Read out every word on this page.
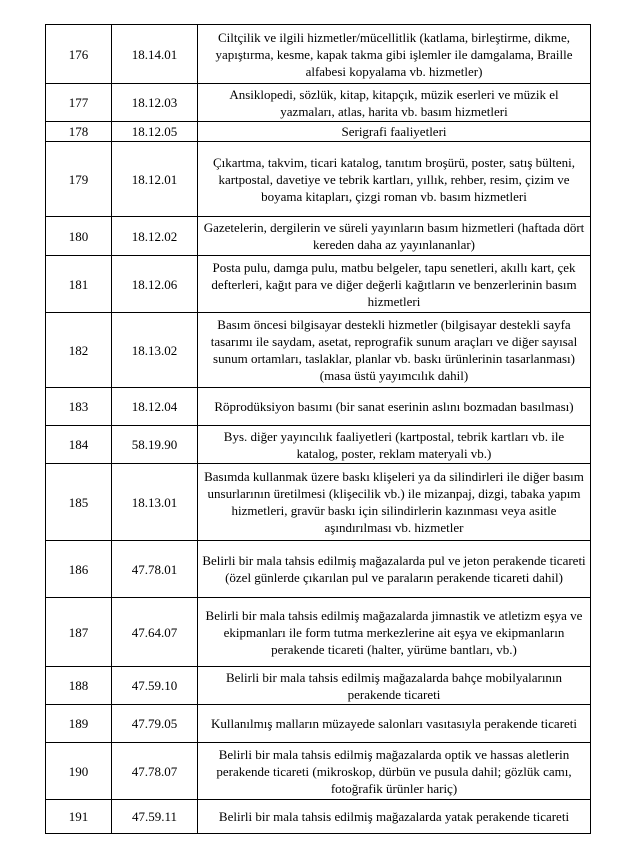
176	18.14.01	Ciltçilik ve ilgili hizmetler/mücellitlik (katlama, birleştirme, dikme, yapıştırma, kesme, kapak takma gibi işlemler ile damgalama, Braille alfabesi kopyalama vb. hizmetler)
177	18.12.03	Ansiklopedi, sözlük, kitap, kitapçık, müzik eserleri ve müzik el yazmaları, atlas, harita vb. basım hizmetleri
178	18.12.05	Serigrafi faaliyetleri
179	18.12.01	Çıkartma, takvim, ticari katalog, tanıtım broşürü, poster, satış bülteni, kartpostal, davetiye ve tebrik kartları, yıllık, rehber, resim, çizim ve boyama kitapları, çizgi roman vb. basım hizmetleri
180	18.12.02	Gazetelerin, dergilerin ve süreli yayınların basım hizmetleri (haftada dört kereden daha az yayınlananlar)
181	18.12.06	Posta pulu, damga pulu, matbu belgeler, tapu senetleri, akıllı kart, çek defterleri, kağıt para ve diğer değerli kağıtların ve benzerlerinin basım hizmetleri
182	18.13.02	Basım öncesi bilgisayar destekli hizmetler (bilgisayar destekli sayfa tasarımı ile saydam, asetat, reprografik sunum araçları ve diğer sayısal sunum ortamları, taslaklar, planlar vb. baskı ürünlerinin tasarlanması) (masa üstü yayımcılık dahil)
183	18.12.04	Röprodüksiyon basımı (bir sanat eserinin aslını bozmadan basılması)
184	58.19.90	Bys. diğer yayıncılık faaliyetleri (kartpostal, tebrik kartları vb. ile katalog, poster, reklam materyali vb.)
185	18.13.01	Basımda kullanmak üzere baskı klişeleri ya da silindirleri ile diğer basım unsurlarının üretilmesi (klişecilik vb.) ile mizanpaj, dizgi, tabaka yapım hizmetleri, gravür baskı için silindirlerin kazınması veya asitle aşındırılması vb. hizmetler
186	47.78.01	Belirli bir mala tahsis edilmiş mağazalarda pul ve jeton perakende ticareti (özel günlerde çıkarılan pul ve paraların perakende ticareti dahil)
187	47.64.07	Belirli bir mala tahsis edilmiş mağazalarda jimnastik ve atletizm eşya ve ekipmanları ile form tutma merkezlerine ait eşya ve ekipmanların perakende ticareti (halter, yürüme bantları, vb.)
188	47.59.10	Belirli bir mala tahsis edilmiş mağazalarda bahçe mobilyalarının perakende ticareti
189	47.79.05	Kullanılmış malların müzayede salonları vasıtasıyla perakende ticareti
190	47.78.07	Belirli bir mala tahsis edilmiş mağazalarda optik ve hassas aletlerin perakende ticareti (mikroskop, dürbün ve pusula dahil; gözlük camı, fotoğrafik ürünler hariç)
191	47.59.11	Belirli bir mala tahsis edilmiş mağazalarda yatak perakende ticareti
